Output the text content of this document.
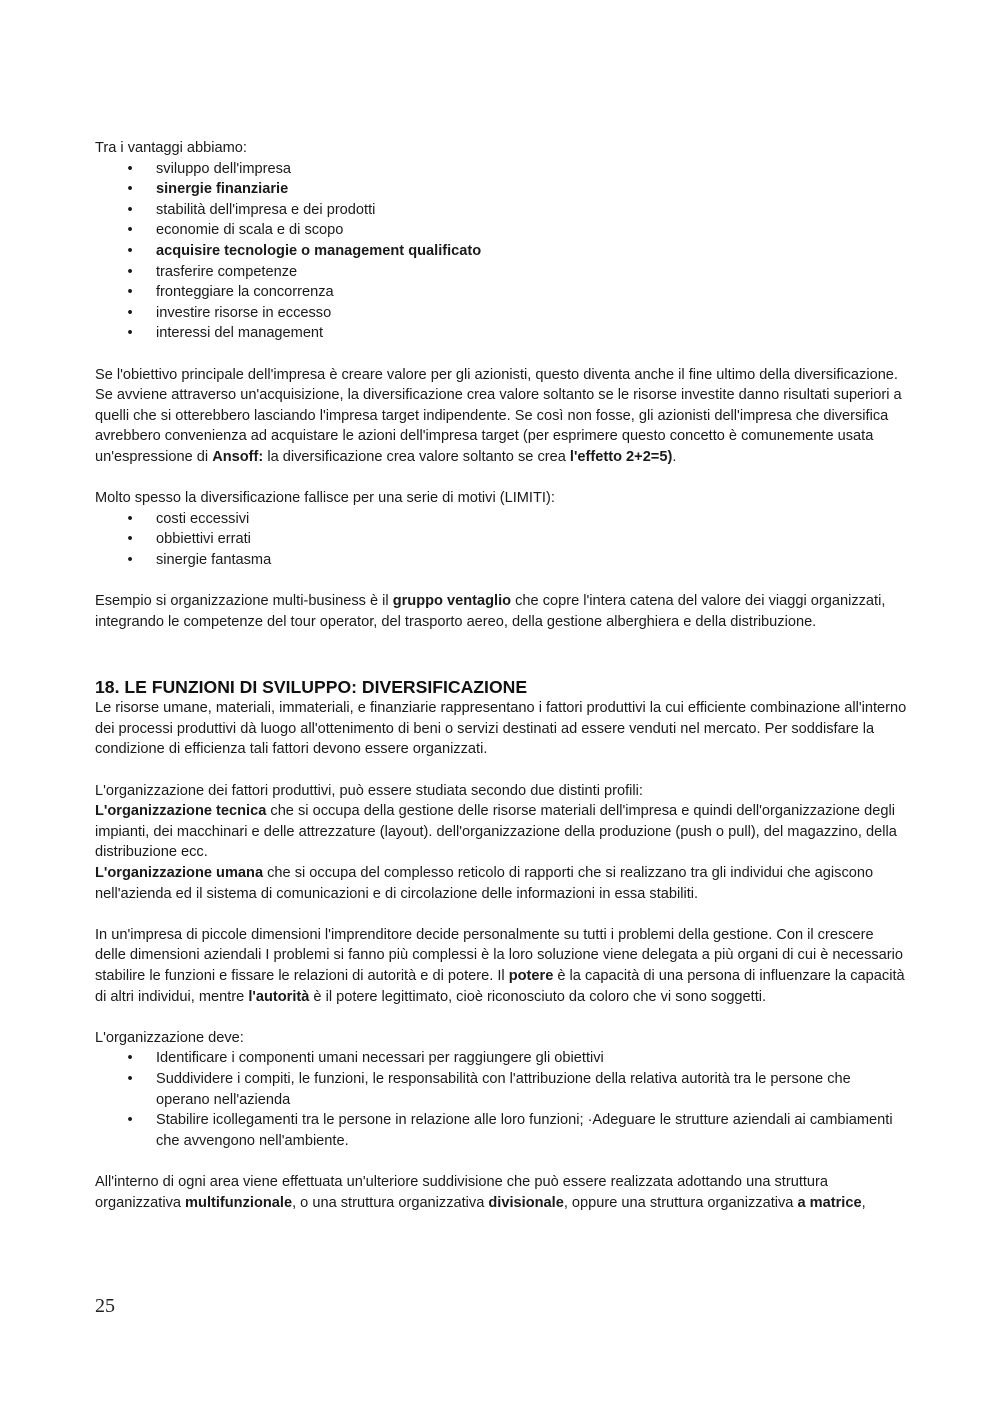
Tra i vantaggi abbiamo:

• sviluppo dell'impresa
• sinergie finanziarie
• stabilità dell'impresa e dei prodotti
• economie di scala e di scopo
• acquisire tecnologie o management qualificato
• trasferire competenze
• fronteggiare la concorrenza
• investire risorse in eccesso
• interessi del management

Se l'obiettivo principale dell'impresa è creare valore per gli azionisti, questo diventa anche il fine ultimo della diversificazione. Se avviene attraverso un'acquisizione, la diversificazione crea valore soltanto se le risorse investite danno risultati superiori a quelli che si otterebbero lasciando l'impresa target indipendente. Se così non fosse, gli azionisti dell'impresa che diversifica avrebbero convenienza ad acquistare le azioni dell'impresa target (per esprimere questo concetto è comunemente usata un'espressione di Ansoff: la diversificazione crea valore soltanto se crea l'effetto 2+2=5).

Molto spesso la diversificazione fallisce per una serie di motivi (LIMITI):

• costi eccessivi
• obbiettivi errati
• sinergie fantasma

Esempio si organizzazione multi-business è il gruppo ventaglio che copre l'intera catena del valore dei viaggi organizzati, integrando le competenze del tour operator, del trasporto aereo, della gestione alberghiera e della distribuzione.

18. LE FUNZIONI DI SVILUPPO: DIVERSIFICAZIONE

Le risorse umane, materiali, immateriali, e finanziarie rappresentano i fattori produttivi la cui efficiente combinazione all'interno dei processi produttivi dà luogo all'ottenimento di beni o servizi destinati ad essere venduti nel mercato. Per soddisfare la condizione di efficienza tali fattori devono essere organizzati.

L'organizzazione dei fattori produttivi, può essere studiata secondo due distinti profili:

L'organizzazione tecnica che si occupa della gestione delle risorse materiali dell'impresa e quindi dell'organizzazione degli impianti, dei macchinari e delle attrezzature (layout). dell'organizzazione della produzione (push o pull), del magazzino, della distribuzione ecc.

L'organizzazione umana che si occupa del complesso reticolo di rapporti che si realizzano tra gli individui che agiscono nell'azienda ed il sistema di comunicazioni e di circolazione delle informazioni in essa stabiliti.

In un'impresa di piccole dimensioni l'imprenditore decide personalmente su tutti i problemi della gestione. Con il crescere delle dimensioni aziendali I problemi si fanno più complessi è la loro soluzione viene delegata a più organi di cui è necessario stabilire le funzioni e fissare le relazioni di autorità e di potere. Il potere è la capacità di una persona di influenzare la capacità di altri individui, mentre l'autorità è il potere legittimato, cioè riconosciuto da coloro che vi sono soggetti.

L'organizzazione deve:

• Identificare i componenti umani necessari per raggiungere gli obiettivi
• Suddividere i compiti, le funzioni, le responsabilità con l'attribuzione della relativa autorità tra le persone che operano nell'azienda
• Stabilire icollegamenti tra le persone in relazione alle loro funzioni; ·Adeguare le strutture aziendali ai cambiamenti che avvengono nell'ambiente.

All'interno di ogni area viene effettuata un'ulteriore suddivisione che può essere realizzata adottando una struttura organizzativa multifunzionale, o una struttura organizzativa divisionale, oppure una struttura organizzativa a matrice,

25
